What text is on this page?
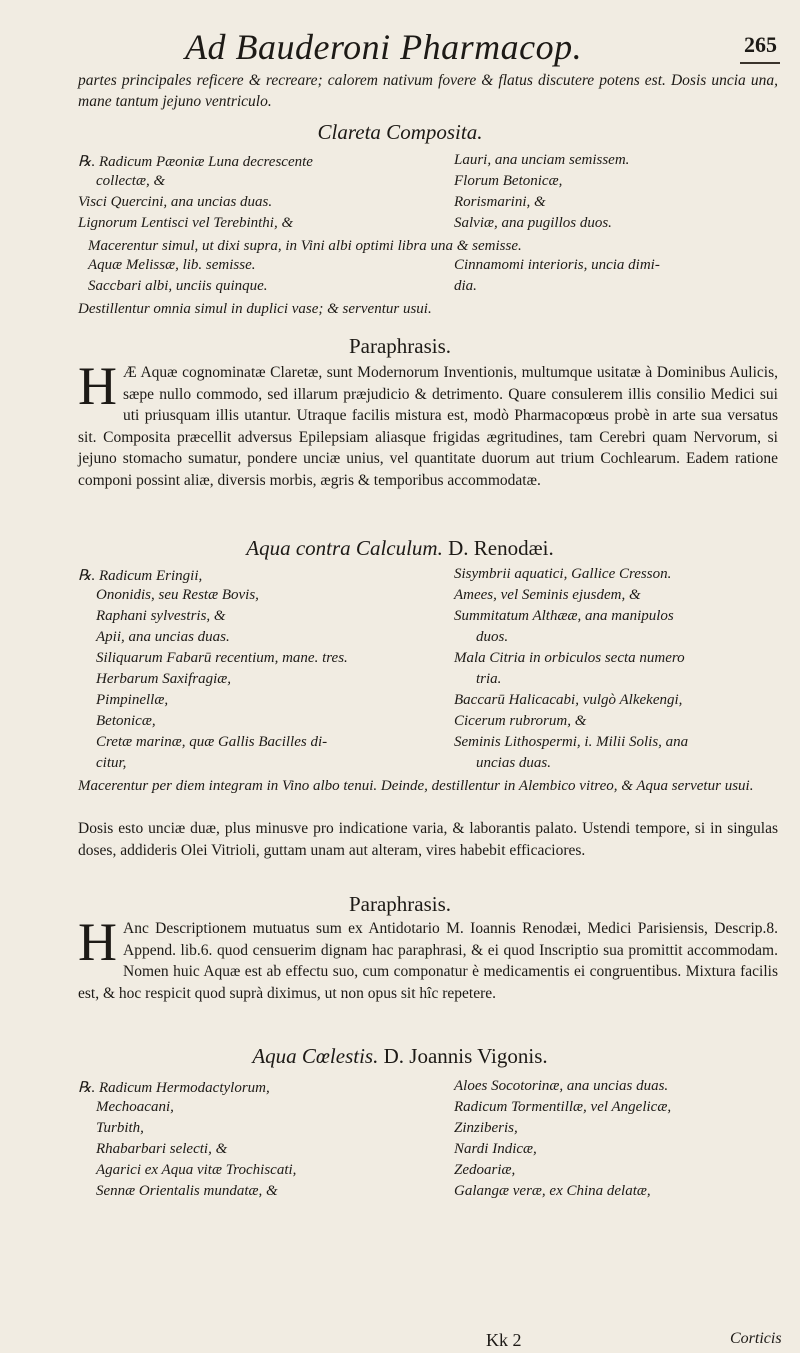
Ad Bauderoni Pharmacop.	265
partes principales reficere & recreare; calorem nativum fovere & flatus discutere potens est. Dosis uncia una, mane tantum jejuno ventriculo.
Clareta Composita.
℞. Radicum Pæoniæ Luna decrescente	Lauri, ana unciam semissem.
collectæ, &	Florum Betonicæ,
Visci Quercini, ana uncias duas.	Rorismarini, &
Lignorum Lentisci vel Terebinthi, &	Salviæ, ana pugillos duos.
Macerentur simul, ut dixi supra, in Vini albi optimi libra una & semisse.
Aquæ Melissæ, lib. semisse.	Cinnamomi interioris, uncia dimi-
Saccbari albi, unciis quinque.	dia.
Destillentur omnia simul in duplici vase; & serventur usui.
Paraphrasis.
H Æ Aquæ cognominatæ Claretæ, sunt Modernorum Inventionis, multumque usitatæ à Dominibus Aulicis, sæpe nullo commodo, sed illarum præjudicio & detrimento. Quare consulerem illis consilio Medici sui uti priusquam illis utantur. Utraque facilis mistura est, modò Pharmacopœus probè in arte sua versatus sit. Composita præcellit adversus Epilepsiam aliasque frigidas ægritudines, tam Cerebri quam Nervorum, si jejuno stomacho sumatur, pondere unciæ unius, vel quantitate duorum aut trium Cochlearum. Eadem ratione componi possint aliæ, diversis morbis, ægris & temporibus accommodatæ.
Aqua contra Calculum. D. Renodæi.
℞. Radicum Eringii,	Sisymbrii aquatici, Gallice Cresson.
Ononidis, seu Restæ Bovis,	Amees, vel Seminis ejusdem, &
Raphani sylvestris, &	Summitatum Althææ, ana manipulos
Apii, ana uncias duas.	duos.
Siliquarum Fabarū recentium, mane. tres.	Mala Citria in orbiculos secta numero
Herbarum Saxifragiæ,	tria.
Pimpinellæ,	Baccarū Halicacabi, vulgò Alkekengi,
Betonicæ,	Cicerum rubrorum, &
Cretæ marinæ, quæ Gallis Bacilles di-	Seminis Lithospermi, i. Milii Solis, ana
citur,	uncias duas.
Macerentur per diem integram in Vino albo tenui. Deinde, destillentur in Alembico vitreo, & Aqua servetur usui.
Dosis esto unciæ duæ, plus minusve pro indicatione varia, & laborantis palato. Ustendi tempore, si in singulas doses, addideris Olei Vitrioli, guttam unam aut alteram, vires habebit efficaciores.
Paraphrasis.
H Anc Descriptionem mutuatus sum ex Antidotario M. Ioannis Renodæi, Medici Parisiensis, Descrip.8. Append. lib.6. quod censuerim dignam hac paraphrasi, & ei quod Inscriptio sua promittit accommodam. Nomen huic Aquæ est ab effectu suo, cum componatur è medicamentis ei congruentibus. Mixtura facilis est, & hoc respicit quod suprà diximus, ut non opus sit hîc repetere.
Aqua Cœlestis. D. Joannis Vigonis.
℞. Radicum Hermodactylorum,	Aloes Socotorinæ, ana uncias duas.
Mechoacani,	Radicum Tormentillæ, vel Angelicæ,
Turbith,	Zinziberis,
Rhabarbari selecti, &	Nardi Indicæ,
Agarici ex Aqua vitæ Trochiscati,	Zedoariæ,
Sennæ Orientalis mundatæ, &	Galangæ veræ, ex China delatæ,
Kk 2	Corticis
